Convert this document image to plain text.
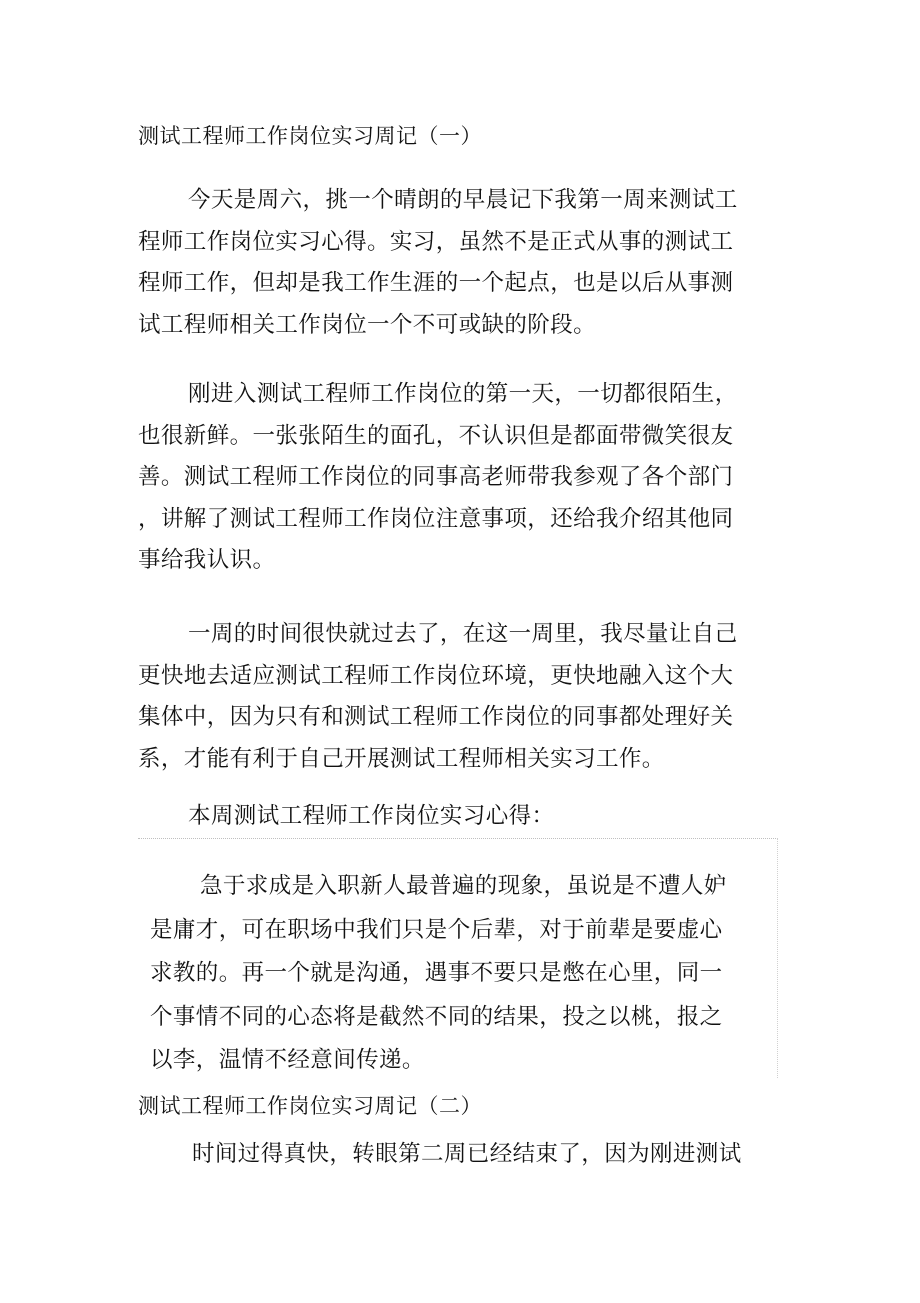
测试工程师工作岗位实习周记（一）
今天是周六，挑一个晴朗的早晨记下我第一周来测试工
程师工作岗位实习心得。实习，虽然不是正式从事的测试工
程师工作，但却是我工作生涯的一个起点，也是以后从事测
试工程师相关工作岗位一个不可或缺的阶段。
刚进入测试工程师工作岗位的第一天，一切都很陌生，
也很新鲜。一张张陌生的面孔，不认识但是都面带微笑很友
善。测试工程师工作岗位的同事高老师带我参观了各个部门
，讲解了测试工程师工作岗位注意事项，还给我介绍其他同
事给我认识。
一周的时间很快就过去了，在这一周里，我尽量让自己
更快地去适应测试工程师工作岗位环境，更快地融入这个大
集体中，因为只有和测试工程师工作岗位的同事都处理好关
系，才能有利于自己开展测试工程师相关实习工作。
本周测试工程师工作岗位实习心得：
急于求成是入职新人最普遍的现象，虽说是不遭人妒
是庸才，可在职场中我们只是个后辈，对于前辈是要虚心
求教的。再一个就是沟通，遇事不要只是憋在心里，同一
个事情不同的心态将是截然不同的结果，投之以桃，报之
以李，温情不经意间传递。
测试工程师工作岗位实习周记（二）
时间过得真快，转眼第二周已经结束了，因为刚进测试
